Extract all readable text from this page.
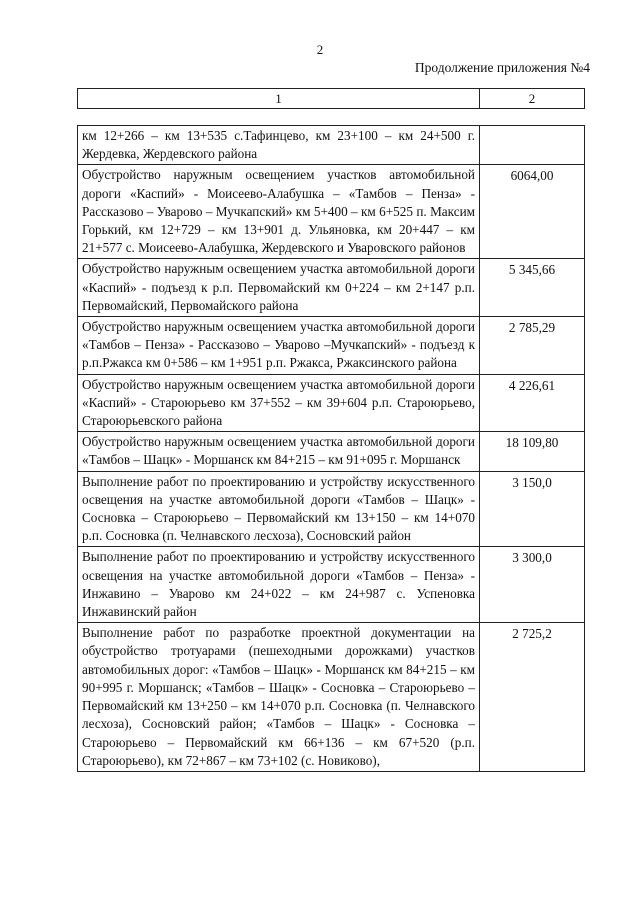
2
Продолжение приложения №4
1	2
км 12+266 – км 13+535 с.Тафинцево, км 23+100 – км 24+500 г. Жердевка, Жердевского района	
Обустройство наружным освещением участков автомобильной дороги «Каспий» - Моисеево-Алабушка – «Тамбов – Пенза» - Рассказово – Уварово – Мучкапский» км 5+400 – км 6+525 п. Максим Горький, км 12+729 – км 13+901 д. Ульяновка, км 20+447 – км 21+577 с. Моисеево-Алабушка, Жердевского и Уваровского районов	6064,00
Обустройство наружным освещением участка автомобильной дороги «Каспий» - подъезд к р.п. Первомайский км 0+224 – км 2+147 р.п. Первомайский, Первомайского района	5 345,66
Обустройство наружным освещением участка автомобильной дороги «Тамбов – Пенза» - Рассказово – Уварово –Мучкапский» - подъезд к р.п.Ржакса км 0+586 – км 1+951 р.п. Ржакса, Ржаксинского района	2 785,29
Обустройство наружным освещением участка автомобильной дороги «Каспий» - Староюрьево км 37+552 – км 39+604 р.п. Староюрьево, Староюрьевского района	4 226,61
Обустройство наружным освещением участка автомобильной дороги «Тамбов – Шацк» - Моршанск км 84+215 – км 91+095 г. Моршанск	18 109,80
Выполнение работ по проектированию и устройству искусственного освещения на участке автомобильной дороги «Тамбов – Шацк» - Сосновка – Староюрьево – Первомайский км 13+150 – км 14+070 р.п. Сосновка (п. Челнавского лесхоза), Сосновский район	3 150,0
Выполнение работ по проектированию и устройству искусственного освещения на участке автомобильной дороги «Тамбов – Пенза» - Инжавино – Уварово км 24+022 – км 24+987 с. Успеновка Инжавинский район	3 300,0
Выполнение работ по разработке проектной документации на обустройство тротуарами (пешеходными дорожками) участков автомобильных дорог: «Тамбов – Шацк» - Моршанск км 84+215 – км 90+995 г. Моршанск; «Тамбов – Шацк» - Сосновка – Староюрьево – Первомайский км 13+250 – км 14+070 р.п. Сосновка (п. Челнавского лесхоза), Сосновский район; «Тамбов – Шацк» - Сосновка – Староюрьево – Первомайский км 66+136 – км 67+520 (р.п. Староюрьево), км 72+867 – км 73+102 (с. Новиково),	2 725,2
